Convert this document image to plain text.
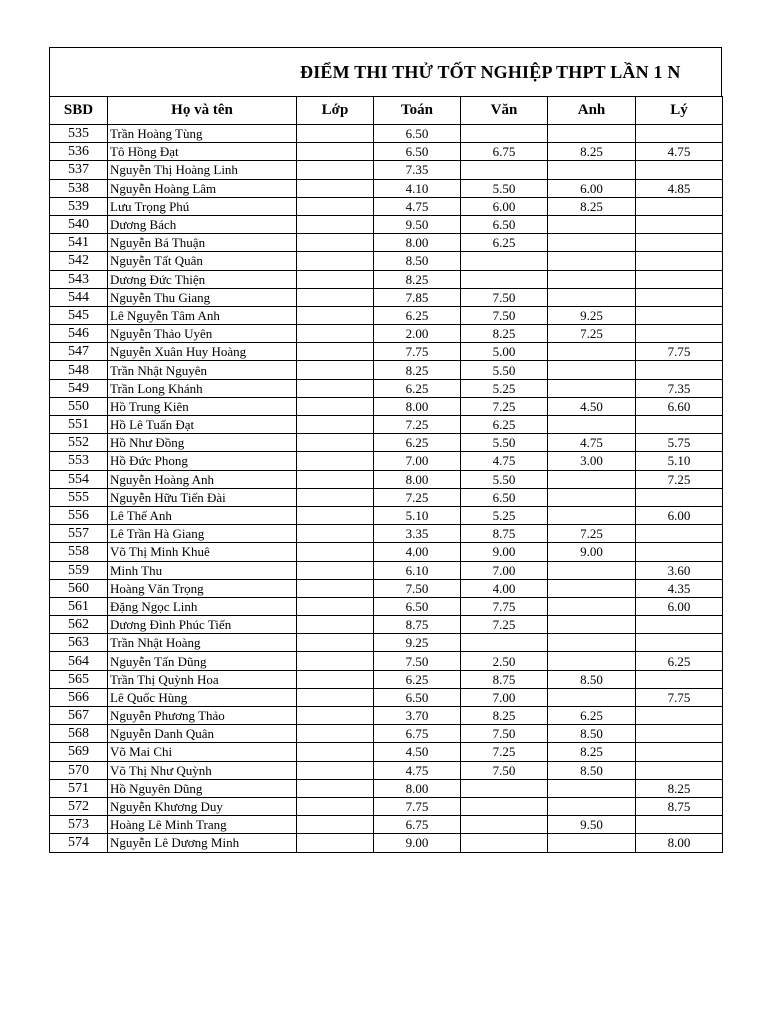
ĐIỂM THI THỬ TỐT NGHIỆP THPT LẦN 1 N
SBD	Họ và tên	Lớp	Toán	Văn	Anh	Lý
535	Trần Hoàng Tùng		6.50			
536	Tô Hồng Đạt		6.50	6.75	8.25	4.75
537	Nguyễn Thị Hoàng Linh		7.35			
538	Nguyễn Hoàng Lâm		4.10	5.50	6.00	4.85
539	Lưu Trọng Phú		4.75	6.00	8.25	
540	Dương Bách		9.50	6.50		
541	Nguyễn Bá Thuận		8.00	6.25		
542	Nguyễn Tất Quân		8.50			
543	Dương Đức Thiện		8.25			
544	Nguyễn Thu Giang		7.85	7.50		
545	Lê Nguyễn Tâm Anh		6.25	7.50	9.25	
546	Nguyễn Thảo Uyên		2.00	8.25	7.25	
547	Nguyễn Xuân Huy Hoàng		7.75	5.00		7.75
548	Trần Nhật Nguyên		8.25	5.50		
549	Trần Long Khánh		6.25	5.25		7.35
550	Hồ Trung Kiên		8.00	7.25	4.50	6.60
551	Hồ Lê Tuấn Đạt		7.25	6.25		
552	Hồ Như Đồng		6.25	5.50	4.75	5.75
553	Hồ Đức Phong		7.00	4.75	3.00	5.10
554	Nguyễn Hoàng Anh		8.00	5.50		7.25
555	Nguyễn Hữu Tiến Đài		7.25	6.50		
556	Lê Thế Anh		5.10	5.25		6.00
557	Lê Trần Hà Giang		3.35	8.75	7.25	
558	Võ Thị Minh Khuê		4.00	9.00	9.00	
559	Minh Thu		6.10	7.00		3.60
560	Hoàng Văn Trọng		7.50	4.00		4.35
561	Đặng Ngọc Linh		6.50	7.75		6.00
562	Dương Đình Phúc Tiến		8.75	7.25		
563	Trần Nhật Hoàng		9.25			
564	Nguyễn Tấn Dũng		7.50	2.50		6.25
565	Trần Thị Quỳnh Hoa		6.25	8.75	8.50	
566	Lê Quốc Hùng		6.50	7.00		7.75
567	Nguyễn Phương Thảo		3.70	8.25	6.25	
568	Nguyễn Danh Quân		6.75	7.50	8.50	
569	Võ Mai Chi		4.50	7.25	8.25	
570	Võ Thị Như Quỳnh		4.75	7.50	8.50	
571	Hồ Nguyên Dũng		8.00			8.25
572	Nguyễn Khương Duy		7.75			8.75
573	Hoàng Lê Minh Trang		6.75		9.50	
574	Nguyễn Lê Dương Minh		9.00			8.00
